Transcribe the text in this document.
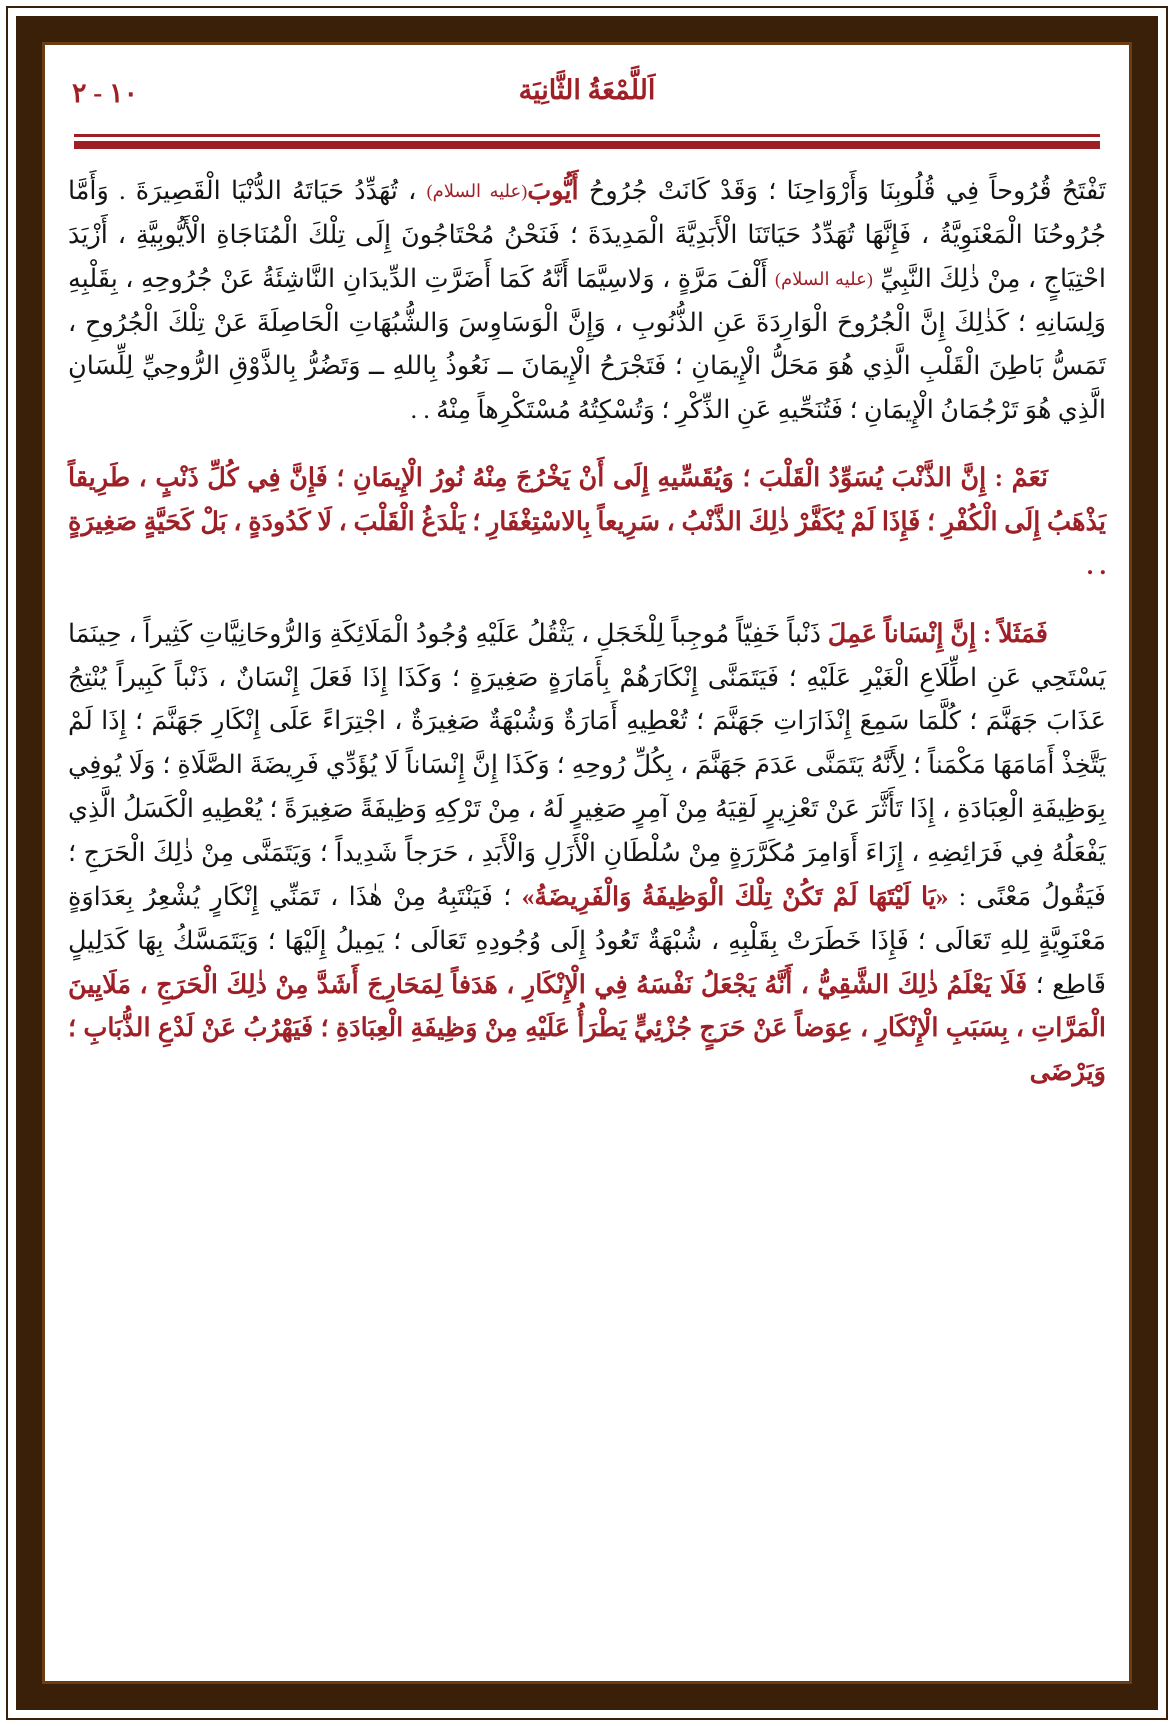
١٠ - ٢	اَللَّمْعَةُ الثَّانِيَة

تَفْتَحُ قُرُوحاً فِي قُلُوبِنَا وَأَرْوَاحِنَا ؛ وَقَدْ كَانَتْ جُرُوحُ أَيُّوبَ(عليه السلام) ، تُهَدِّدُ حَيَاتَهُ الدُّنْيَا الْقَصِيرَةَ . وَأَمَّا جُرُوحُنَا الْمَعْنَوِيَّةُ ، فَإِنَّهَا تُهَدِّدُ حَيَاتَنَا الْأَبَدِيَّةَ الْمَدِيدَةَ ؛ فَنَحْنُ مُحْتَاجُونَ إِلَى تِلْكَ الْمُنَاجَاةِ الْأَيُّوبِيَّةِ ، أَزْيَدَ احْتِيَاجٍ ، مِنْ ذٰلِكَ النَّبِيِّ (عليه السلام) أَلْفَ مَرَّةٍ ، وَلاسِيَّمَا أَنَّهُ كَمَا أَضَرَّتِ الدِّيدَانِ النَّاشِئَةُ عَنْ جُرُوحِهِ ، بِقَلْبِهِ وَلِسَانِهِ ؛ كَذٰلِكَ إِنَّ الْجُرُوحَ الْوَارِدَةَ عَنِ الذُّنُوبِ ، وَإِنَّ الْوَسَاوِسَ وَالشُّبُهَاتِ الْحَاصِلَةَ عَنْ تِلْكَ الْجُرُوحِ ، تَمَسُّ بَاطِنَ الْقَلْبِ الَّذِي هُوَ مَحَلُّ الْإِيمَانِ ؛ فَتَجْرَحُ الْإِيمَانَ ــ نَعُوذُ بِاللهِ ــ وَتَضُرُّ بِالذَّوْقِ الرُّوحِيِّ لِلِّسَانِ الَّذِي هُوَ تَرْجُمَانُ الْإِيمَانِ ؛ فَتُنَحِّيهِ عَنِ الذِّكْرِ ؛ وَتُسْكِتُهُ مُسْتَكْرِهاً مِنْهُ . .

نَعَمْ : إِنَّ الذَّنْبَ يُسَوِّدُ الْقَلْبَ ؛ وَيُقَسِّيهِ إِلَى أَنْ يَخْرُجَ مِنْهُ نُورُ الْإِيمَانِ ؛ فَإِنَّ فِي كُلِّ ذَنْبٍ ، طَرِيقاً يَذْهَبُ إِلَى الْكُفْرِ ؛ فَإِذَا لَمْ يُكَفَّرْ ذٰلِكَ الذَّنْبُ ، سَرِيعاً بِالاسْتِغْفَارِ ؛ يَلْدَغُ الْقَلْبَ ، لَا كَدُودَةٍ ، بَلْ كَحَيَّةٍ صَغِيرَةٍ . .

فَمَثَلاً : إِنَّ إِنْسَاناً عَمِلَ ذَنْباً خَفِيّاً مُوجِباً لِلْخَجَلِ ، يَثْقُلُ عَلَيْهِ وُجُودُ الْمَلَائِكَةِ وَالرُّوحَانِيَّاتِ كَثِيراً ، حِينَمَا يَسْتَحِي عَنِ اطِّلَاعِ الْغَيْرِ عَلَيْهِ ؛ فَيَتَمَنَّى إِنْكَارَهُمْ بِأَمَارَةٍ صَغِيرَةٍ ؛ وَكَذَا إِذَا فَعَلَ إِنْسَانٌ ، ذَنْباً كَبِيراً يُنْتِجُ عَذَابَ جَهَنَّمَ ؛ كُلَّمَا سَمِعَ إِنْذَارَاتِ جَهَنَّمَ ؛ تُعْطِيهِ أَمَارَةٌ وَشُبْهَةٌ صَغِيرَةٌ ، اجْتِرَاءً عَلَى إِنْكَارِ جَهَنَّمَ ؛ إِذَا لَمْ يَتَّخِذْ أَمَامَهَا مَكْمَناً ؛ لِأَنَّهُ يَتَمَنَّى عَدَمَ جَهَنَّمَ ، بِكُلِّ رُوحِهِ ؛ وَكَذَا إِنَّ إِنْسَاناً لَا يُؤَدِّي فَرِيضَةَ الصَّلَاةِ ؛ وَلَا يُوفِي بِوَظِيفَةِ الْعِبَادَةِ ، إِذَا تَأَثَّرَ عَنْ تَعْزِيرٍ لَقِيَهُ مِنْ آمِرٍ صَغِيرٍ لَهُ ، مِنْ تَرْكِهِ وَظِيفَةً صَغِيرَةً ؛ يُعْطِيهِ الْكَسَلُ الَّذِي يَفْعَلُهُ فِي فَرَائِضِهِ ، إِزَاءَ أَوَامِرَ مُكَرَّرَةٍ مِنْ سُلْطَانِ الْأَزَلِ وَالْأَبَدِ ، حَرَجاً شَدِيداً ؛ وَيَتَمَنَّى مِنْ ذٰلِكَ الْحَرَجِ ؛ فَيَقُولُ مَعْنًى : «يَا لَيْتَهَا لَمْ تَكُنْ تِلْكَ الْوَظِيفَةُ وَالْفَرِيضَةُ» ؛ فَيَنْتَبِهُ مِنْ هٰذَا ، تَمَنِّي إِنْكَارٍ يُشْعِرُ بِعَدَاوَةٍ مَعْنَوِيَّةٍ لِلهِ تَعَالَى ؛ فَإِذَا خَطَرَتْ بِقَلْبِهِ ، شُبْهَةٌ تَعُودُ إِلَى وُجُودِهِ تَعَالَى ؛ يَمِيلُ إِلَيْهَا ؛ وَيَتَمَسَّكُ بِهَا كَدَلِيلٍ قَاطِع ؛ فَلَا يَعْلَمُ ذٰلِكَ الشَّقِيُّ ، أَنَّهُ يَجْعَلُ نَفْسَهُ فِي الْإِنْكَارِ ، هَدَفاً لِمَحَارِجَ أَشَدَّ مِنْ ذٰلِكَ الْحَرَجِ ، مَلَايِينَ الْمَرَّاتِ ، بِسَبَبِ الْإِنْكَارِ ، عِوَضاً عَنْ حَرَجٍ جُزْئِيٍّ يَطْرَأُ عَلَيْهِ مِنْ وَظِيفَةِ الْعِبَادَةِ ؛ فَيَهْرُبُ عَنْ لَدْعِ الذُّبَابِ ؛ وَيَرْضَى
